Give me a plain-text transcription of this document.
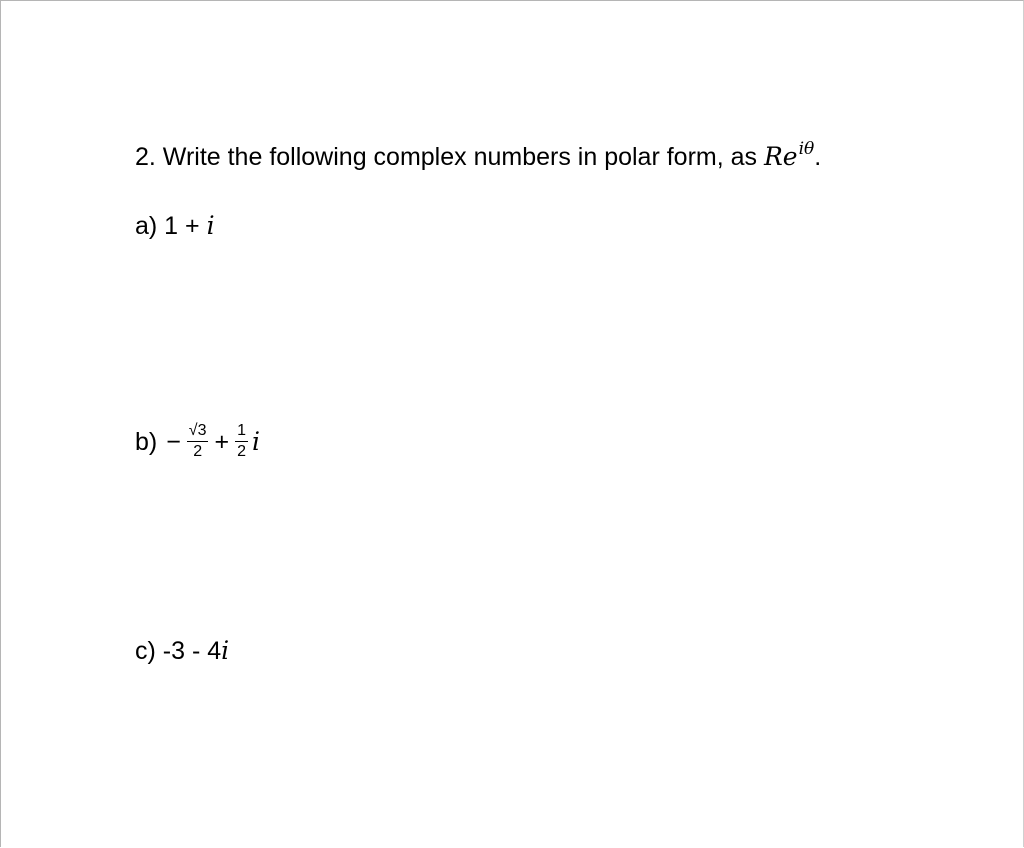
2. Write the following complex numbers in polar form, as $Re^{i\theta}$.
a) 1 + i
$b) - \frac{√3}{2} + \frac{1}{2}$ i
c) -3 - 4i
